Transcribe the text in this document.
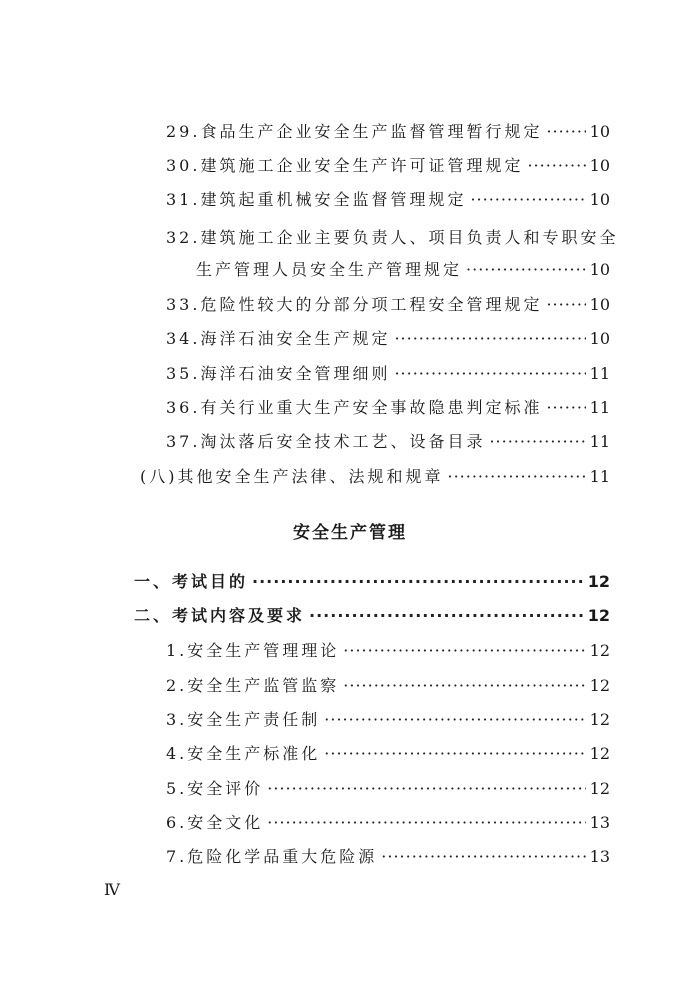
29.食品生产企业安全生产监督管理暂行规定 ·····	10
30.建筑施工企业安全生产许可证管理规定 ·····	10
31.建筑起重机械安全监督管理规定 ·····	10
32.建筑施工企业主要负责人、项目负责人和专职安全
生产管理人员安全生产管理规定 ·····	10
33.危险性较大的分部分项工程安全管理规定 ·····	10
34.海洋石油安全生产规定 ·····	10
35.海洋石油安全管理细则 ·····	11
36.有关行业重大生产安全事故隐患判定标准 ·····	11
37.淘汰落后安全技术工艺、设备目录 ·····	11
(八)其他安全生产法律、法规和规章 ·····	11
安全生产管理
一、考试目的 ·····	12
二、考试内容及要求 ·····	12
1.安全生产管理理论 ·····	12
2.安全生产监管监察 ·····	12
3.安全生产责任制 ·····	12
4.安全生产标准化 ·····	12
5.安全评价 ·····	12
6.安全文化 ·····	13
7.危险化学品重大危险源 ·····	13
Ⅳ
